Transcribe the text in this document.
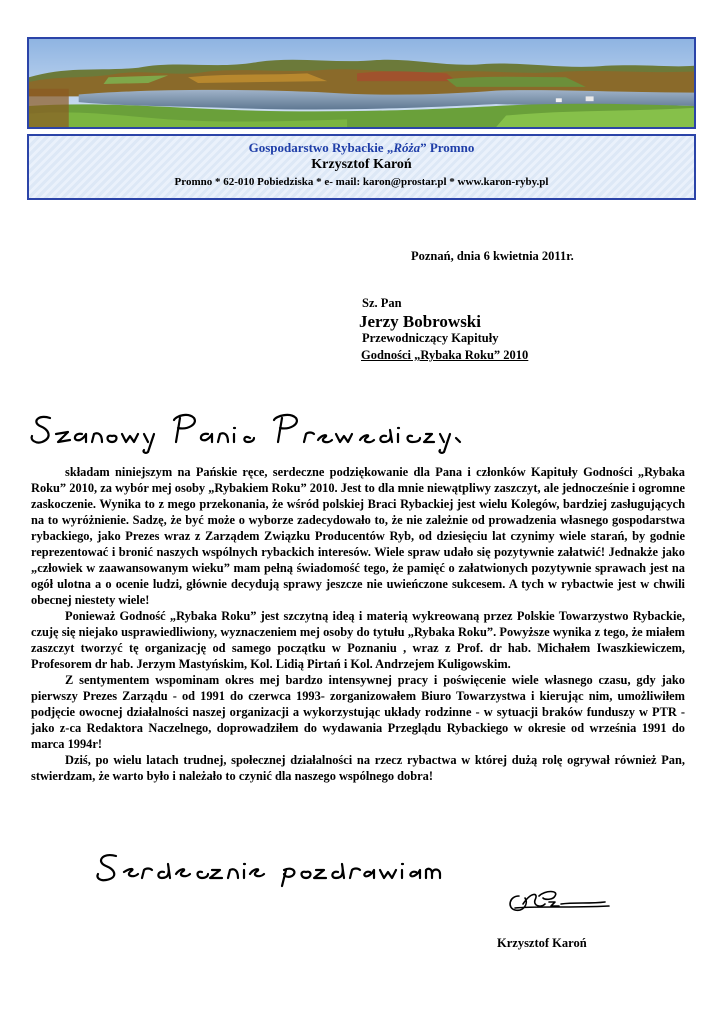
Gospodarstwo Rybackie „Róża” Promno
Krzysztof Karoń
Promno * 62-010 Pobiedziska * e- mail: karon@prostar.pl * www.karon-ryby.pl
Poznań, dnia 6 kwietnia 2011r.
Sz. Pan
Jerzy Bobrowski
Przewodniczący Kapituły
Godności „Rybaka Roku” 2010

składam niniejszym na Pańskie ręce, serdeczne podziękowanie dla Pana i członków Kapituły Godności „Rybaka Roku” 2010, za wybór mej osoby „Rybakiem Roku” 2010. Jest to dla mnie niewątpliwy zaszczyt, ale jednocześnie i ogromne zaskoczenie. Wynika to z mego przekonania, że wśród polskiej Braci Rybackiej jest wielu Kolegów, bardziej zasługujących na to wyróżnienie. Sadzę, że być może o wyborze zadecydowało to, że nie zależnie od prowadzenia własnego gospodarstwa rybackiego, jako Prezes wraz z Zarządem Związku Producentów Ryb, od dziesięciu lat czynimy wiele starań, by godnie reprezentować i bronić naszych wspólnych rybackich interesów. Wiele spraw udało się pozytywnie załatwić! Jednakże jako „człowiek w zaawansowanym wieku” mam pełną świadomość tego, że pamięć o załatwionych pozytywnie sprawach jest na ogół ulotna a o ocenie ludzi, głównie decydują sprawy jeszcze nie uwieńczone sukcesem. A tych w rybactwie jest w chwili obecnej niestety wiele!

Ponieważ Godność „Rybaka Roku” jest szczytną ideą i materią wykreowaną przez Polskie Towarzystwo Rybackie, czuję się niejako usprawiedliwiony, wyznaczeniem mej osoby do tytułu „Rybaka Roku”. Powyższe wynika z tego, że miałem zaszczyt tworzyć tę organizację od samego początku w Poznaniu , wraz z Prof. dr hab. Michałem Iwaszkiewiczem, Profesorem dr hab. Jerzym Mastyńskim, Kol. Lidią Pirtań i Kol. Andrzejem Kuligowskim.

Z sentymentem wspominam okres mej bardzo intensywnej pracy i poświęcenie wiele własnego czasu, gdy jako pierwszy Prezes Zarządu - od 1991 do czerwca 1993- zorganizowałem Biuro Towarzystwa i kierując nim, umożliwiłem podjęcie owocnej działalności naszej organizacji a wykorzystując układy rodzinne - w sytuacji braków funduszy w PTR - jako z-ca Redaktora Naczelnego, doprowadziłem do wydawania Przeglądu Rybackiego w okresie od września 1991 do marca 1994r!

Dziś, po wielu latach trudnej, społecznej działalności na rzecz rybactwa w której dużą rolę ogrywał również Pan, stwierdzam, że warto było i należało to czynić dla naszego wspólnego dobra!

Krzysztof Karoń
